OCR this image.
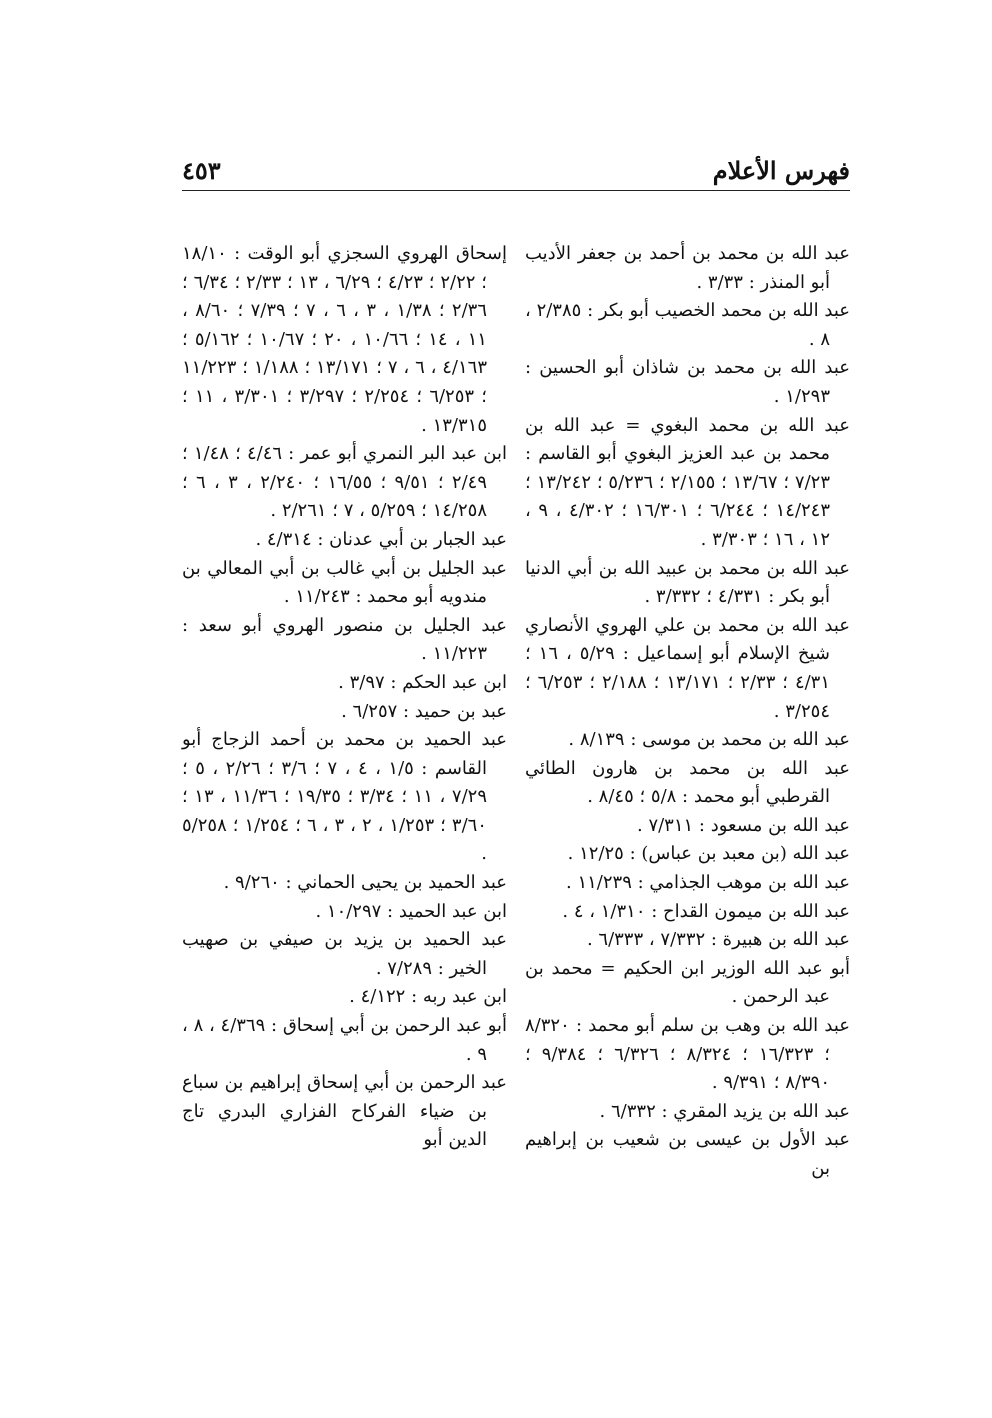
فهرس الأعلام
٤٥٣

عبد الله بن محمد بن أحمد بن جعفر الأديب أبو المنذر : ٣/٣٣ .

عبد الله بن محمد الخصيب أبو بكر : ٢/٣٨٥ ، ٨ .

عبد الله بن محمد بن شاذان أبو الحسين : ١/٢٩٣ .

عبد الله بن محمد البغوي = عبد الله بن محمد بن عبد العزيز البغوي أبو القاسم : ٧/٢٣ ؛ ١٣/٦٧ ؛ ٢/١٥٥ ؛ ٥/٢٣٦ ؛ ١٣/٢٤٢ ؛ ١٤/٢٤٣ ؛ ٦/٢٤٤ ؛ ١٦/٣٠١ ؛ ٤/٣٠٢ ، ٩ ، ١٢ ، ١٦ ؛ ٣/٣٠٣ .

عبد الله بن محمد بن عبيد الله بن أبي الدنيا أبو بكر : ٤/٣٣١ ؛ ٣/٣٣٢ .

عبد الله بن محمد بن علي الهروي الأنصاري شيخ الإسلام أبو إسماعيل : ٥/٢٩ ، ١٦ ؛ ٤/٣١ ؛ ٢/٣٣ ؛ ١٣/١٧١ ؛ ٢/١٨٨ ؛ ٦/٢٥٣ ؛ ٣/٢٥٤ .

عبد الله بن محمد بن موسى : ٨/١٣٩ .

عبد الله بن محمد بن هارون الطائي القرطبي أبو محمد : ٥/٨ ؛ ٨/٤٥ .

عبد الله بن مسعود : ٧/٣١١ .

عبد الله (بن معبد بن عباس) : ١٢/٢٥ .

عبد الله بن موهب الجذامي : ١١/٢٣٩ .

عبد الله بن ميمون القداح : ١/٣١٠ ، ٤ .

عبد الله بن هبيرة : ٧/٣٣٢ ، ٦/٣٣٣ .

أبو عبد الله الوزير ابن الحكيم = محمد بن عبد الرحمن .

عبد الله بن وهب بن سلم أبو محمد : ٨/٣٢٠ ؛ ١٦/٣٢٣ ؛ ٨/٣٢٤ ؛ ٦/٣٢٦ ؛ ٩/٣٨٤ ؛ ٨/٣٩٠ ؛ ٩/٣٩١ .

عبد الله بن يزيد المقري : ٦/٣٣٢ .

عبد الأول بن عيسى بن شعيب بن إبراهيم بن

إسحاق الهروي السجزي أبو الوقت : ١٨/١٠ ؛ ٢/٢٢ ؛ ٤/٢٣ ؛ ٦/٢٩ ، ١٣ ؛ ٢/٣٣ ؛ ٦/٣٤ ؛ ٢/٣٦ ؛ ١/٣٨ ، ٣ ، ٦ ، ٧ ؛ ٧/٣٩ ؛ ٨/٦٠ ، ١١ ، ١٤ ؛ ١٠/٦٦ ، ٢٠ ؛ ١٠/٦٧ ؛ ٥/١٦٢ ؛ ٤/١٦٣ ، ٦ ، ٧ ؛ ١٣/١٧١ ؛ ١/١٨٨ ؛ ١١/٢٢٣ ؛ ٦/٢٥٣ ؛ ٢/٢٥٤ ؛ ٣/٢٩٧ ؛ ٣/٣٠١ ، ١١ ؛ ١٣/٣١٥ .

ابن عبد البر النمري أبو عمر : ٤/٤٦ ؛ ١/٤٨ ؛ ٢/٤٩ ؛ ٩/٥١ ؛ ١٦/٥٥ ؛ ٢/٢٤٠ ، ٣ ، ٦ ؛ ١٤/٢٥٨ ؛ ٥/٢٥٩ ، ٧ ؛ ٢/٢٦١ .

عبد الجبار بن أبي عدنان : ٤/٣١٤ .

عبد الجليل بن أبي غالب بن أبي المعالي بن مندويه أبو محمد : ١١/٢٤٣ .

عبد الجليل بن منصور الهروي أبو سعد : ١١/٢٢٣ .

ابن عبد الحكم : ٣/٩٧ .

عبد بن حميد : ٦/٢٥٧ .

عبد الحميد بن محمد بن أحمد الزجاج أبو القاسم : ١/٥ ، ٤ ، ٧ ؛ ٣/٦ ؛ ٢/٢٦ ، ٥ ؛ ٧/٢٩ ، ١١ ؛ ٣/٣٤ ؛ ١٩/٣٥ ؛ ١١/٣٦ ، ١٣ ؛ ٣/٦٠ ؛ ١/٢٥٣ ، ٢ ، ٣ ، ٦ ؛ ١/٢٥٤ ؛ ٥/٢٥٨ .

عبد الحميد بن يحيى الحماني : ٩/٢٦٠ .

ابن عبد الحميد : ١٠/٢٩٧ .

عبد الحميد بن يزيد بن صيفي بن صهيب الخير : ٧/٢٨٩ .

ابن عبد ربه : ٤/١٢٢ .

أبو عبد الرحمن بن أبي إسحاق : ٤/٣٦٩ ، ٨ ، ٩ .

عبد الرحمن بن أبي إسحاق إبراهيم بن سباع بن ضياء الفركاح الفزاري البدري تاج الدين أبو
